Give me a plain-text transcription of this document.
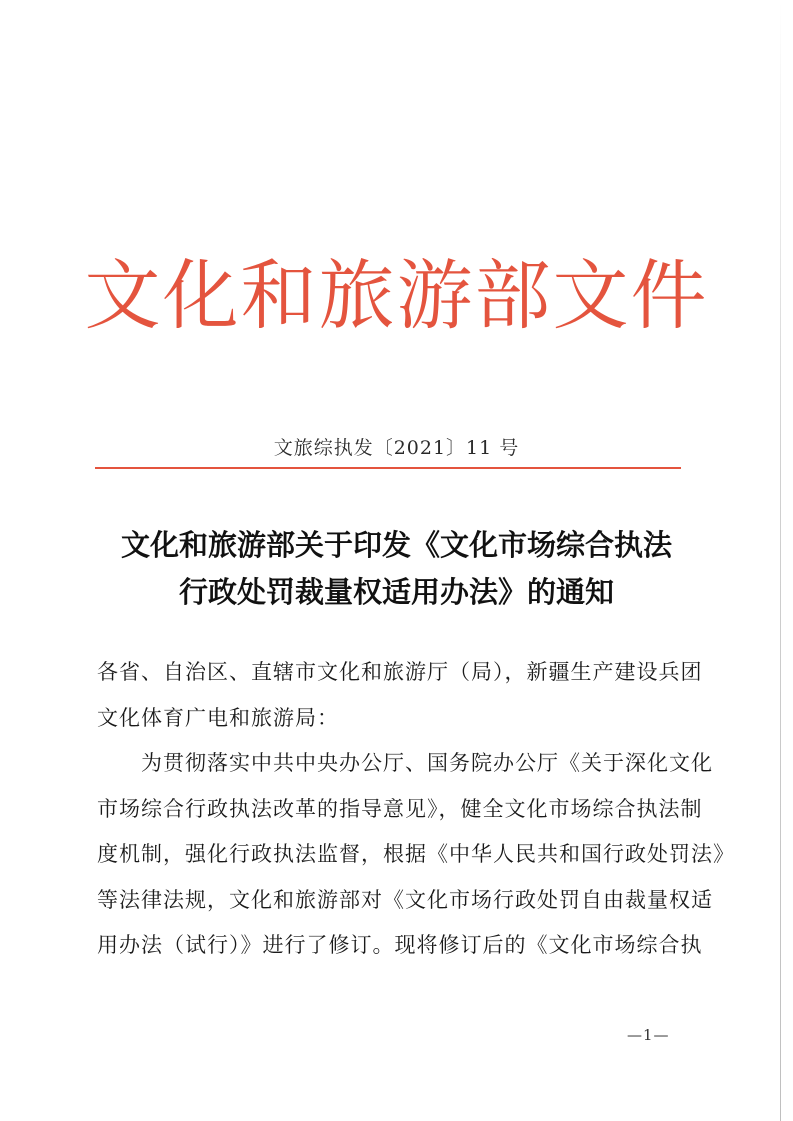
文化和旅游部文件
文旅综执发〔2021〕11 号
文化和旅游部关于印发《文化市场综合执法
行政处罚裁量权适用办法》的通知
各省、自治区、直辖市文化和旅游厅（局），新疆生产建设兵团
文化体育广电和旅游局：
为贯彻落实中共中央办公厅、国务院办公厅《关于深化文化
市场综合行政执法改革的指导意见》，健全文化市场综合执法制
度机制，强化行政执法监督，根据《中华人民共和国行政处罚法》
等法律法规，文化和旅游部对《文化市场行政处罚自由裁量权适
用办法（试行）》进行了修订。现将修订后的《文化市场综合执
—1—
